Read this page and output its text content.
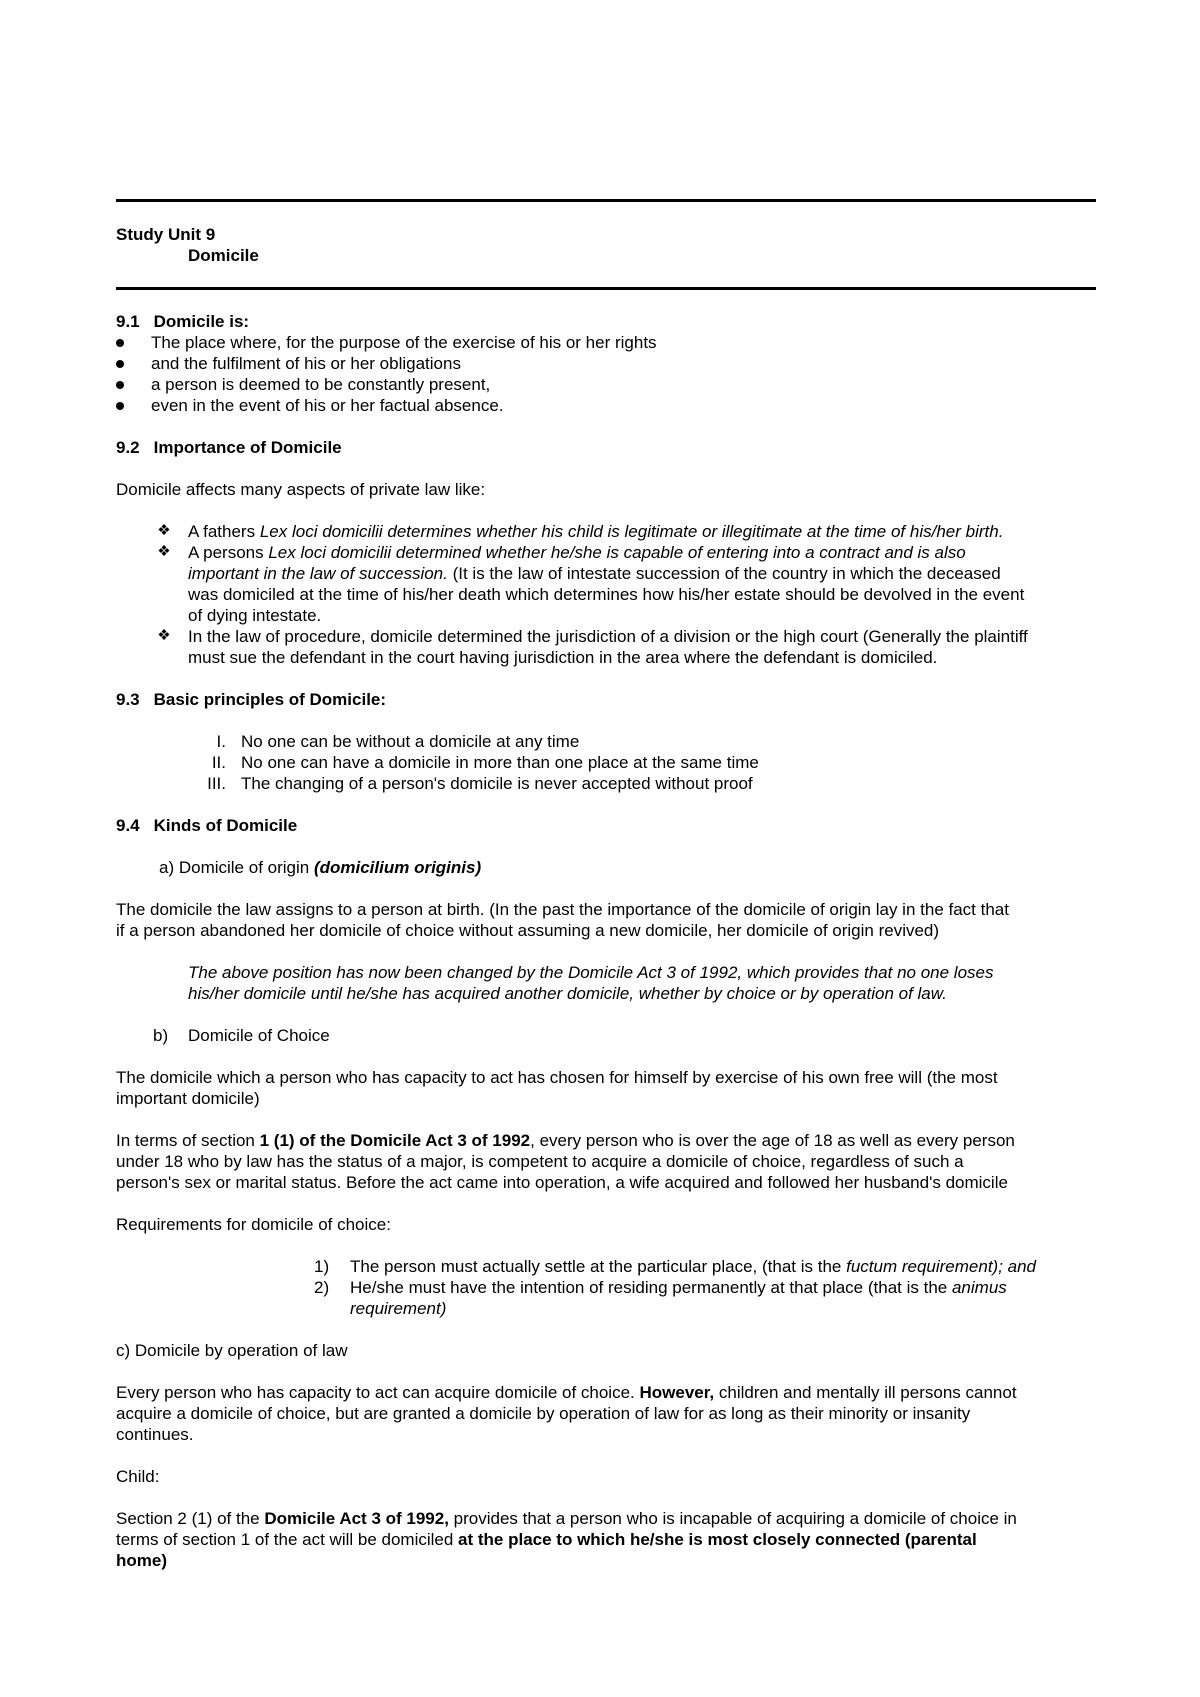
Study Unit 9
Domicile
9.1 Domicile is:
The place where, for the purpose of the exercise of his or her rights
and the fulfilment of his or her obligations
a person is deemed to be constantly present,
even in the event of his or her factual absence.
9.2 Importance of Domicile
Domicile affects many aspects of private law like:
❖ A fathers Lex loci domicilii determines whether his child is legitimate or illegitimate at the time of his/her birth.
❖ A persons Lex loci domicilii determined whether he/she is capable of entering into a contract and is also
important in the law of succession. (It is the law of intestate succession of the country in which the deceased
was domiciled at the time of his/her death which determines how his/her estate should be devolved in the event
of dying intestate.
❖ In the law of procedure, domicile determined the jurisdiction of a division or the high court (Generally the plaintiff
must sue the defendant in the court having jurisdiction in the area where the defendant is domiciled.
9.3 Basic principles of Domicile:
I. No one can be without a domicile at any time
II. No one can have a domicile in more than one place at the same time
III. The changing of a person's domicile is never accepted without proof
9.4 Kinds of Domicile
a) Domicile of origin (domicilium originis)
The domicile the law assigns to a person at birth. (In the past the importance of the domicile of origin lay in the fact that
if a person abandoned her domicile of choice without assuming a new domicile, her domicile of origin revived)
The above position has now been changed by the Domicile Act 3 of 1992, which provides that no one loses
his/her domicile until he/she has acquired another domicile, whether by choice or by operation of law.
b) Domicile of Choice
The domicile which a person who has capacity to act has chosen for himself by exercise of his own free will (the most
important domicile)
In terms of section 1 (1) of the Domicile Act 3 of 1992, every person who is over the age of 18 as well as every person
under 18 who by law has the status of a major, is competent to acquire a domicile of choice, regardless of such a
person's sex or marital status. Before the act came into operation, a wife acquired and followed her husband's domicile
Requirements for domicile of choice:
1) The person must actually settle at the particular place, (that is the fuctum requirement); and
2) He/she must have the intention of residing permanently at that place (that is the animus
requirement)
c) Domicile by operation of law
Every person who has capacity to act can acquire domicile of choice. However, children and mentally ill persons cannot
acquire a domicile of choice, but are granted a domicile by operation of law for as long as their minority or insanity
continues.
Child:
Section 2 (1) of the Domicile Act 3 of 1992, provides that a person who is incapable of acquiring a domicile of choice in
terms of section 1 of the act will be domiciled at the place to which he/she is most closely connected (parental
home)
